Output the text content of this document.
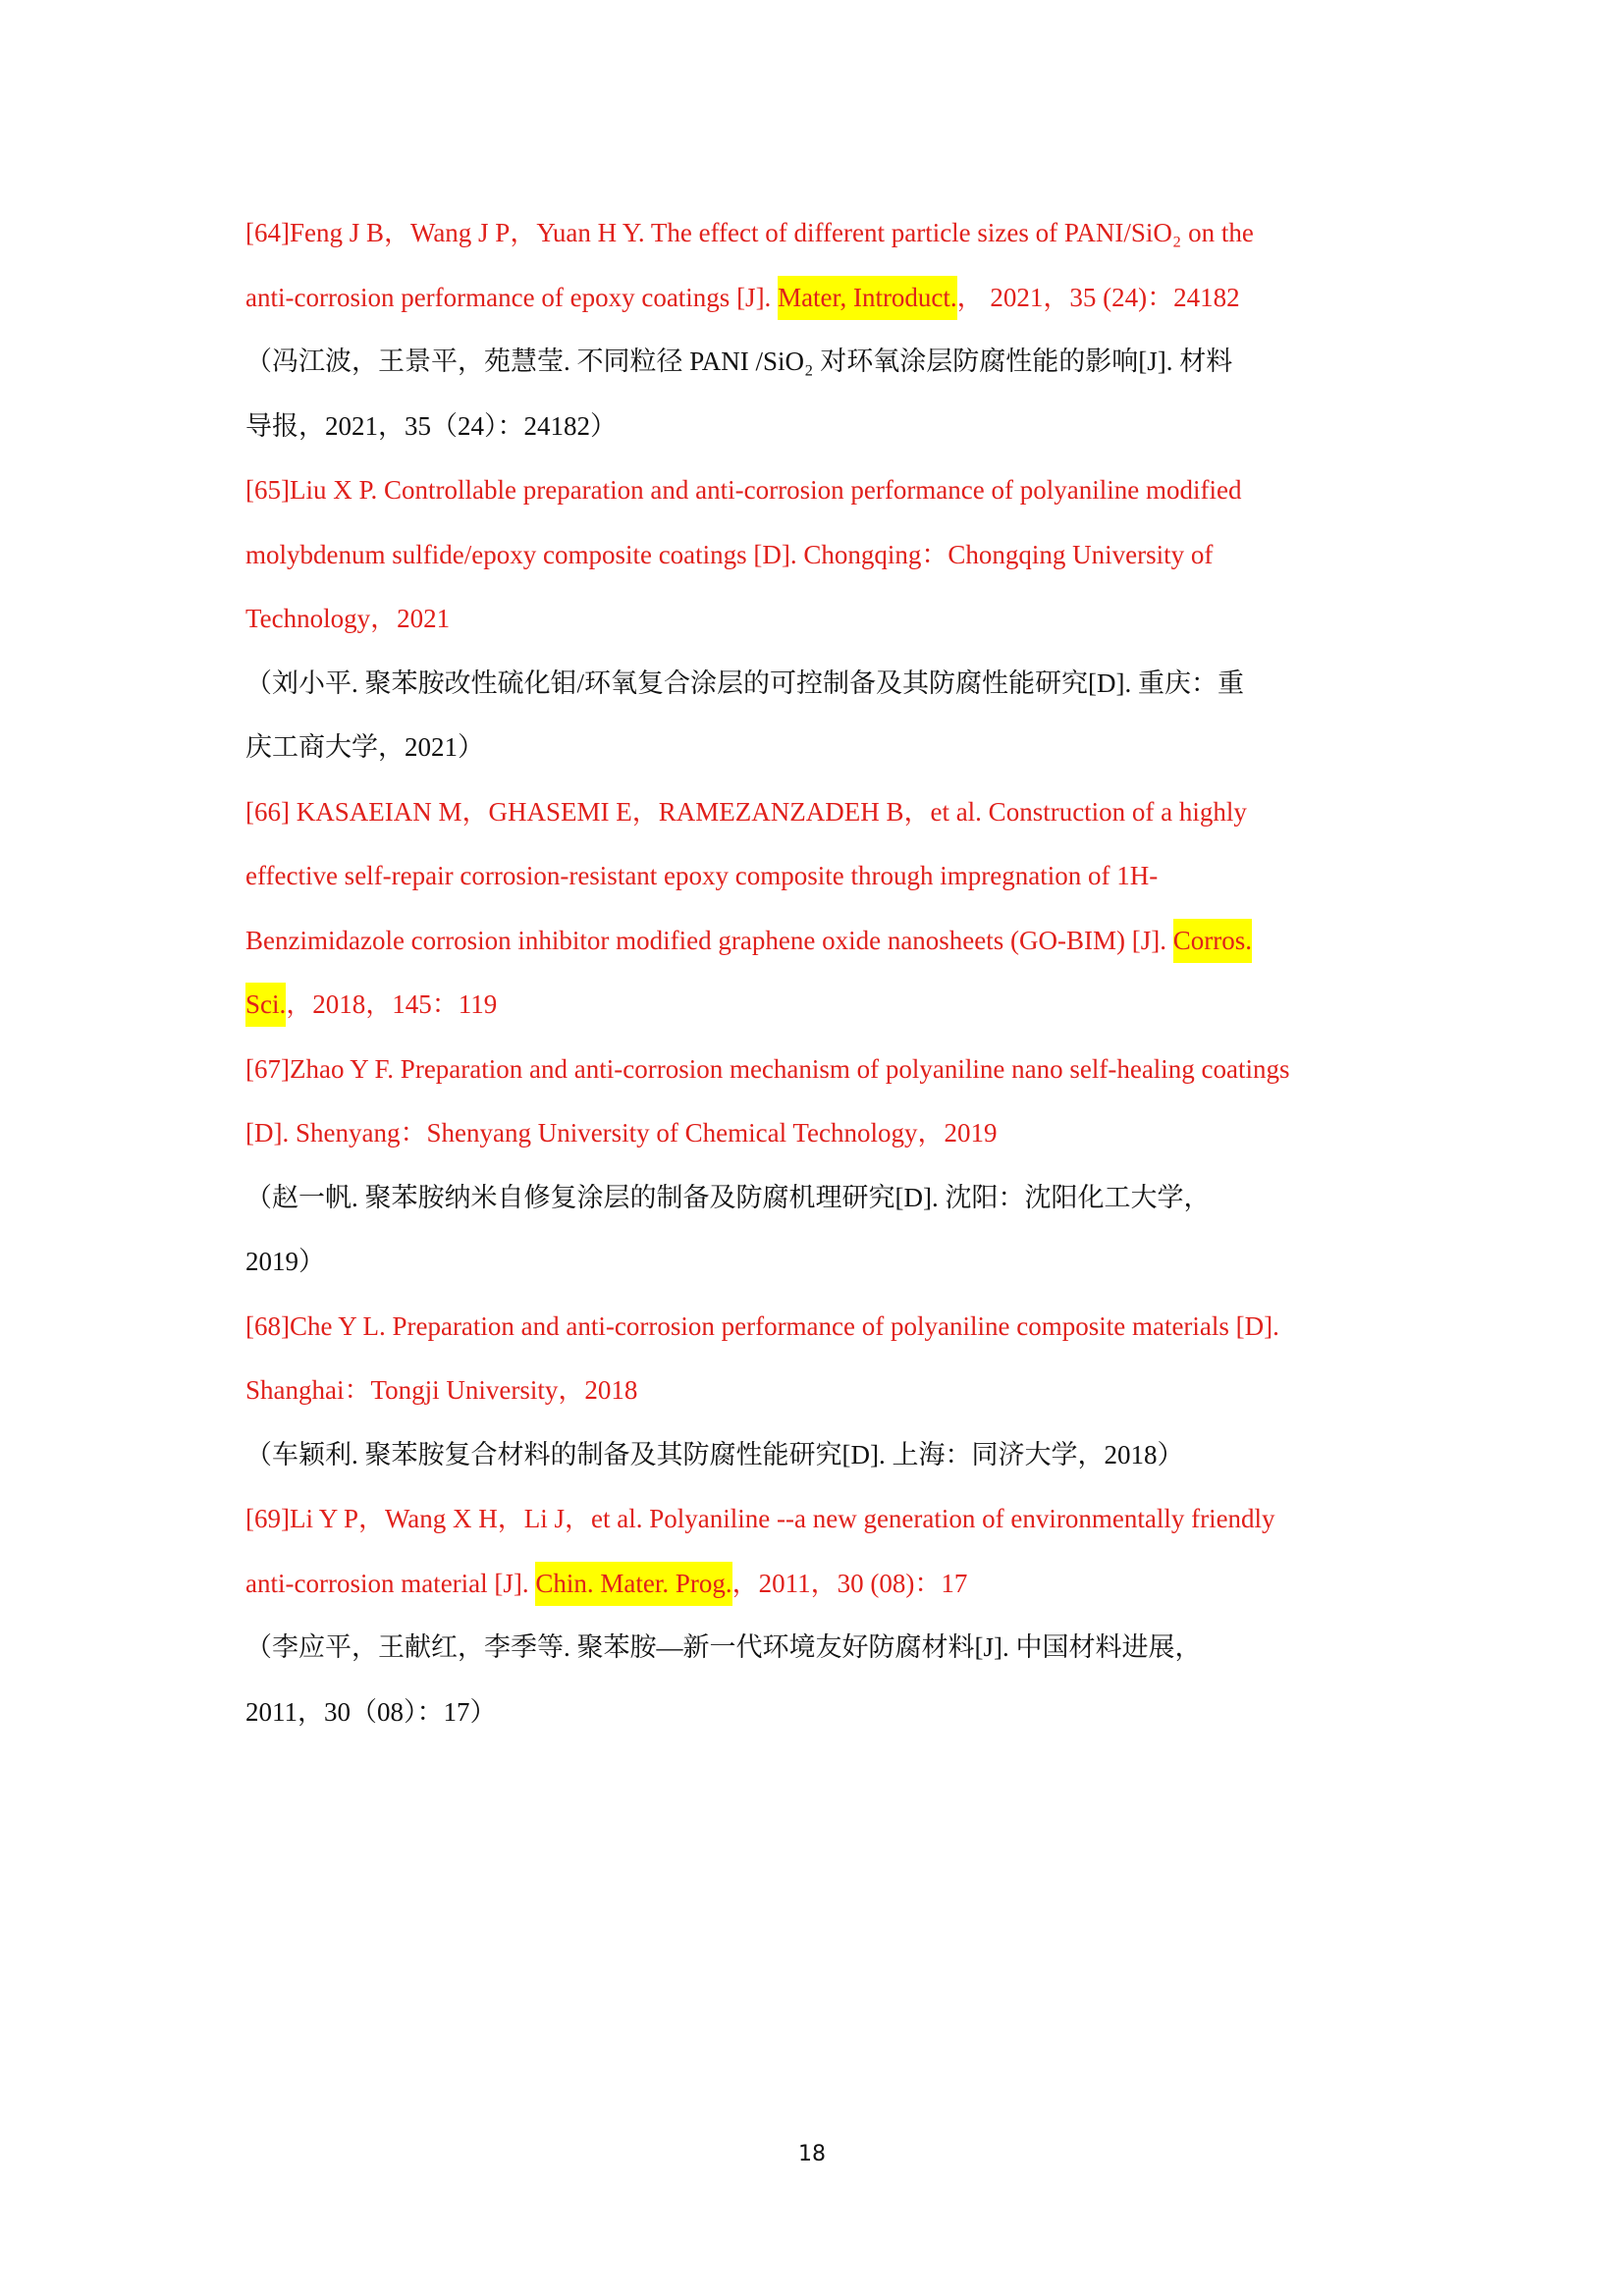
[64]Feng J B，Wang J P，Yuan H Y. The effect of different particle sizes of PANI/SiO₂ on the
anti-corrosion performance of epoxy coatings [J]. Mater, Introduct.， 2021，35 (24)：24182
（冯江波，王景平，苑慧莹. 不同粒径 PANI /SiO₂ 对环氧涂层防腐性能的影响[J]. 材料
导报，2021，35（24）：24182）
[65]Liu X P. Controllable preparation and anti-corrosion performance of polyaniline modified
molybdenum sulfide/epoxy composite coatings [D]. Chongqing：Chongqing University of
Technology，2021
（刘小平. 聚苯胺改性硫化钼/环氧复合涂层的可控制备及其防腐性能研究[D]. 重庆：重
庆工商大学，2021）
[66] KASAEIAN M，GHASEMI E，RAMEZANZADEH B，et al. Construction of a highly
effective self-repair corrosion-resistant epoxy composite through impregnation of 1H-
Benzimidazole corrosion inhibitor modified graphene oxide nanosheets (GO-BIM) [J]. Corros.
Sci.，2018，145：119
[67]Zhao Y F. Preparation and anti-corrosion mechanism of polyaniline nano self-healing coatings
[D]. Shenyang：Shenyang University of Chemical Technology，2019
（赵一帆. 聚苯胺纳米自修复涂层的制备及防腐机理研究[D]. 沈阳：沈阳化工大学，
2019）
[68]Che Y L. Preparation and anti-corrosion performance of polyaniline composite materials [D].
Shanghai：Tongji University，2018
（车颖利. 聚苯胺复合材料的制备及其防腐性能研究[D]. 上海：同济大学，2018）
[69]Li Y P，Wang X H，Li J，et al. Polyaniline --a new generation of environmentally friendly
anti-corrosion material [J]. Chin. Mater. Prog.，2011，30 (08)：17
（李应平，王献红，李季等. 聚苯胺—新一代环境友好防腐材料[J]. 中国材料进展，
2011，30（08）：17）
18
